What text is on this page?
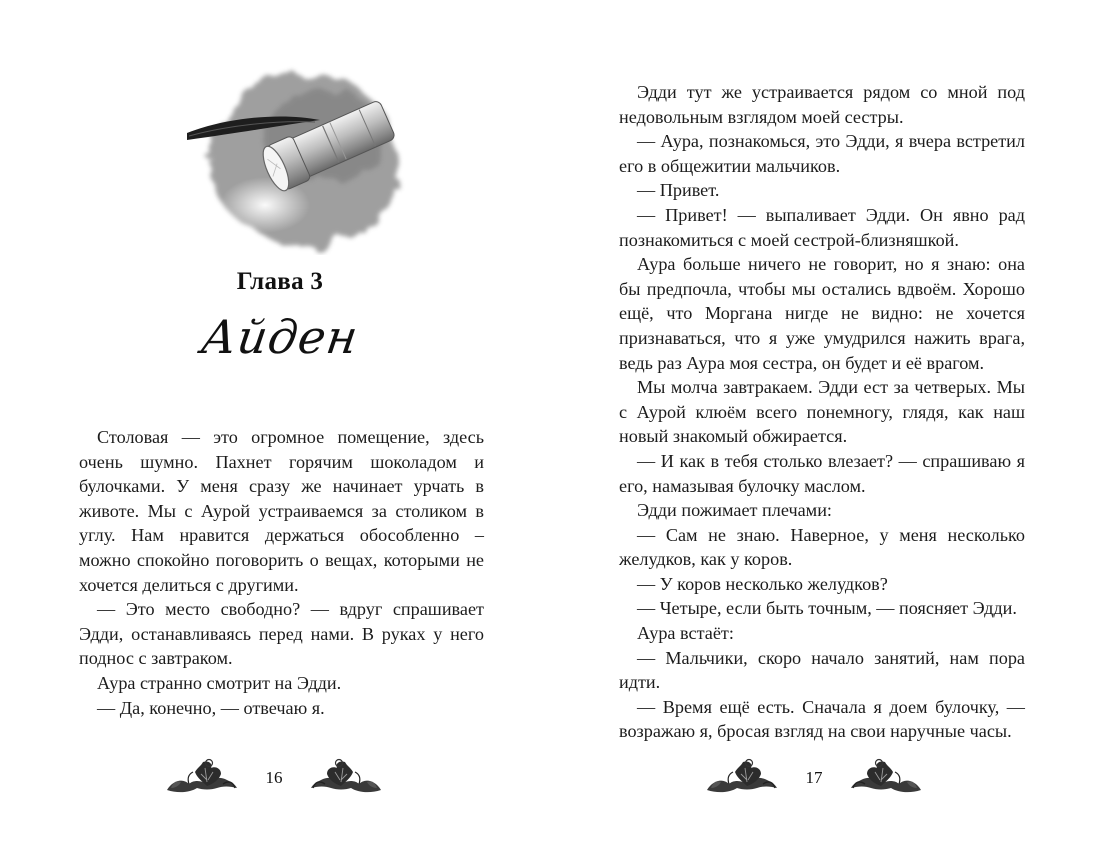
Глава 3
Айден

Столовая — это огромное помещение, здесь очень шумно. Пахнет горячим шоколадом и булочками. У меня сразу же начинает урчать в животе. Мы с Аурой устраиваемся за столиком в углу. Нам нравится держаться обособленно – можно спокойно поговорить о вещах, которыми не хочется делиться с другими.

— Это место свободно? — вдруг спрашивает Эдди, останавливаясь перед нами. В руках у него поднос с завтраком.

Аура странно смотрит на Эдди.

— Да, конечно, — отвечаю я.

16

Эдди тут же устраивается рядом со мной под недовольным взглядом моей сестры.

— Аура, познакомься, это Эдди, я вчера встретил его в общежитии мальчиков.

— Привет.

— Привет! — выпаливает Эдди. Он явно рад познакомиться с моей сестрой-близняшкой.

Аура больше ничего не говорит, но я знаю: она бы предпочла, чтобы мы остались вдвоём. Хорошо ещё, что Моргана нигде не видно: не хочется признаваться, что я уже умудрился нажить врага, ведь раз Аура моя сестра, он будет и её врагом.

Мы молча завтракаем. Эдди ест за четверых. Мы с Аурой клюём всего понемногу, глядя, как наш новый знакомый обжирается.

— И как в тебя столько влезает? — спрашиваю я его, намазывая булочку маслом.

Эдди пожимает плечами:

— Сам не знаю. Наверное, у меня несколько желудков, как у коров.

— У коров несколько желудков?

— Четыре, если быть точным, — поясняет Эдди.

Аура встаёт:

— Мальчики, скоро начало занятий, нам пора идти.

— Время ещё есть. Сначала я доем булочку, — возражаю я, бросая взгляд на свои наручные часы.

17
